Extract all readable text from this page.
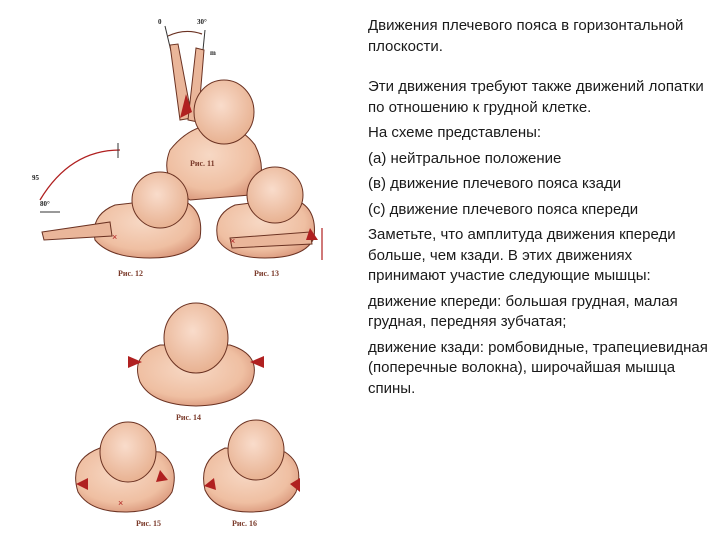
0	30°
m
Рис. 11
95
80°
×
Рис. 12
×
Рис. 13
Рис. 14
×
Рис. 15	Рис. 16

Движения плечевого пояса в горизонтальной плоскости.

Эти движения требуют также движений лопатки по отношению к грудной клетке.

На схеме представлены:

(а) нейтральное положение

(в) движение плечевого пояса кзади

(с) движение плечевого пояса кпереди

Заметьте, что амплитуда движения кпереди больше, чем кзади. В этих движениях принимают участие следующие мышцы:

движение кпереди: большая грудная, малая грудная, передняя зубчатая;

движение кзади: ромбовидные, трапециевидная (поперечные волокна), широчайшая мышца спины.
